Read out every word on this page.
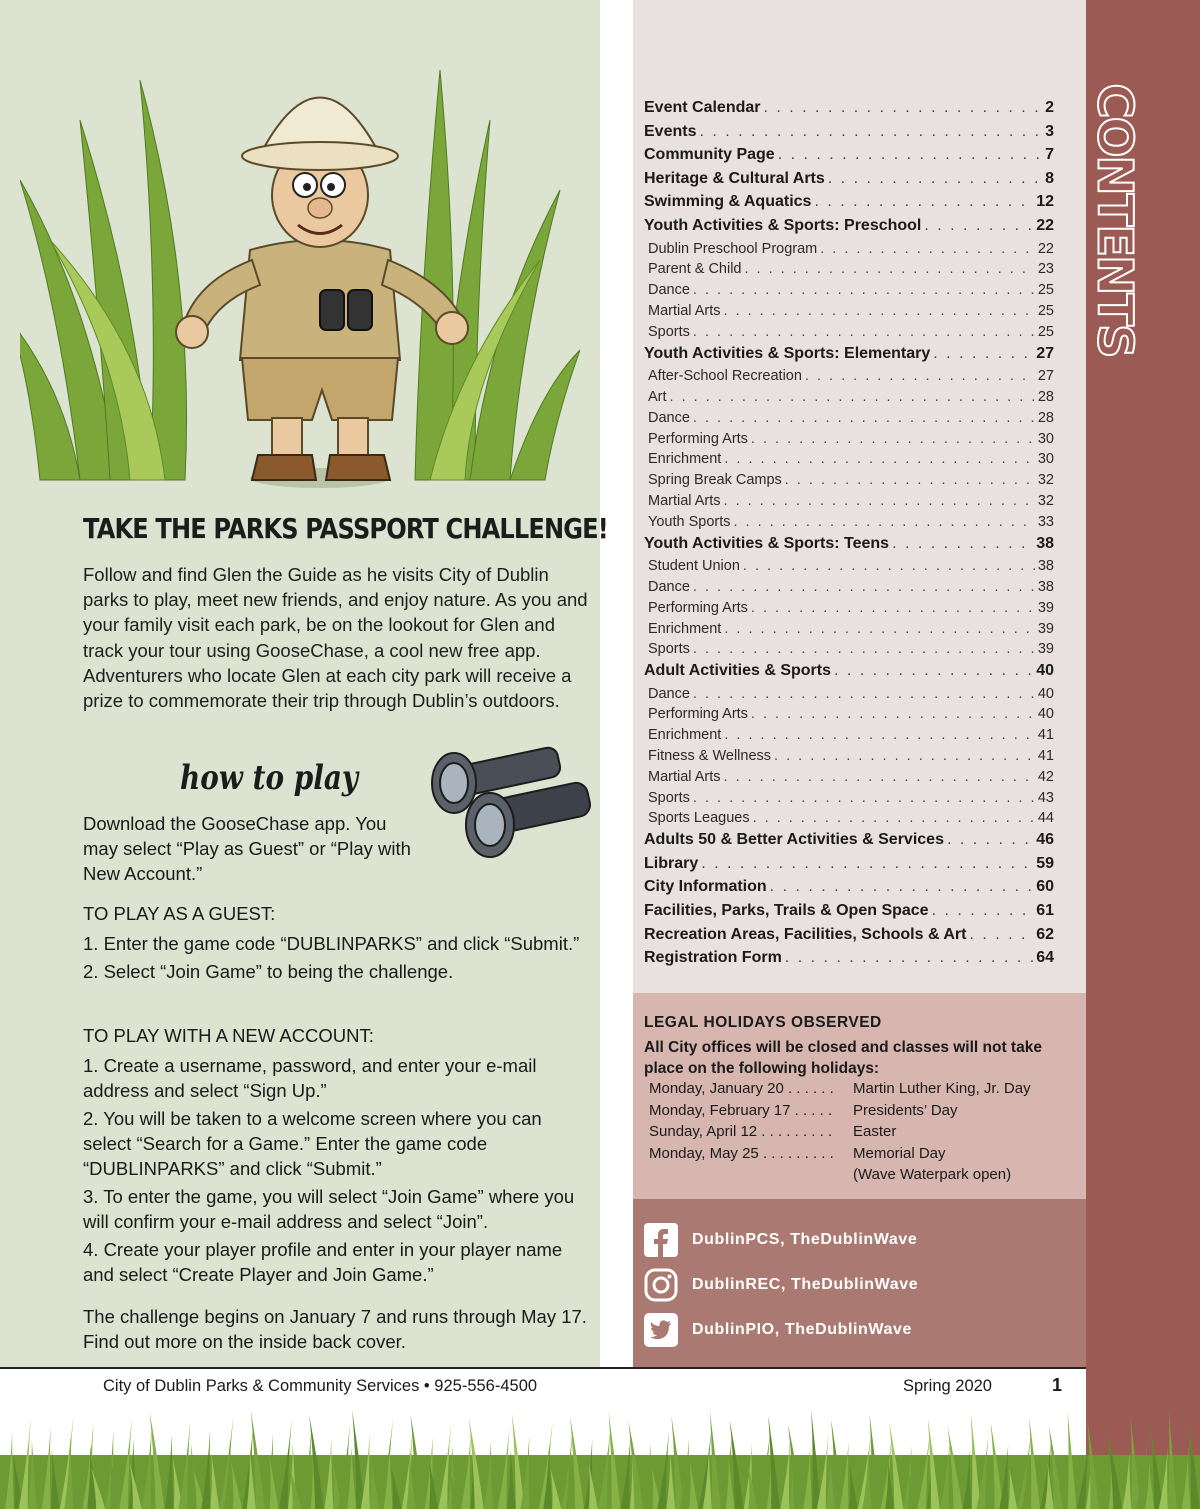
TAKE THE PARKS PASSPORT CHALLENGE!

Follow and find Glen the Guide as he visits City of Dublin parks to play, meet new friends, and enjoy nature. As you and your family visit each park, be on the lookout for Glen and track your tour using GooseChase, a cool new free app. Adventurers who locate Glen at each city park will receive a prize to commemorate their trip through Dublin’s outdoors.

how to play

Download the GooseChase app. You may select “Play as Guest” or “Play with New Account.”

TO PLAY AS A GUEST:

1. Enter the game code “DUBLINPARKS” and click “Submit.”

2. Select “Join Game” to being the challenge.

TO PLAY WITH A NEW ACCOUNT:

1. Create a username, password, and enter your e-mail address and select “Sign Up.”

2. You will be taken to a welcome screen where you can select “Search for a Game.” Enter the game code “DUBLINPARKS” and click “Submit.”

3. To enter the game, you will select “Join Game” where you will confirm your e-mail address and select “Join”.

4. Create your player profile and enter in your player name and select “Create Player and Join Game.”

The challenge begins on January 7 and runs through May 17. Find out more on the inside back cover.

Event Calendar . . .	2
Events . . .	3
Community Page . . .	7
Heritage & Cultural Arts . . .	8
Swimming & Aquatics . . .	12
Youth Activities & Sports: Preschool . . .	22
Dublin Preschool Program . . .	22
Parent & Child . . .	23
Dance . . .	25
Martial Arts . . .	25
Sports . . .	25
Youth Activities & Sports: Elementary . . .	27
After-School Recreation . . .	27
Art . . .	28
Dance . . .	28
Performing Arts . . .	30
Enrichment . . .	30
Spring Break Camps . . .	32
Martial Arts . . .	32
Youth Sports . . .	33
Youth Activities & Sports: Teens . . .	38
Student Union . . .	38
Dance . . .	38
Performing Arts . . .	39
Enrichment . . .	39
Sports . . .	39
Adult Activities & Sports . . .	40
Dance . . .	40
Performing Arts . . .	40
Enrichment . . .	41
Fitness & Wellness . . .	41
Martial Arts . . .	42
Sports . . .	43
Sports Leagues . . .	44
Adults 50 & Better Activities & Services . . .	46
Library . . .	59
City Information . . .	60
Facilities, Parks, Trails & Open Space . . .	61
Recreation Areas, Facilities, Schools & Art . . .	62
Registration Form . . .	64

LEGAL HOLIDAYS OBSERVED

All City offices will be closed and classes will not take place on the following holidays:

Monday, January 20 . . . . . .	Martin Luther King, Jr. Day
Monday, February 17 . . . . .	Presidents’ Day
Sunday, April 12 . . . . . . . . .	Easter
Monday, May 25 . . . . . . . . .	Memorial Day
(Wave Waterpark open)
DublinPCS, TheDublinWave
DublinREC, TheDublinWave
DublinPIO, TheDublinWave
CONTENTS
City of Dublin Parks & Community Services • 925-556-4500	Spring 2020	1
